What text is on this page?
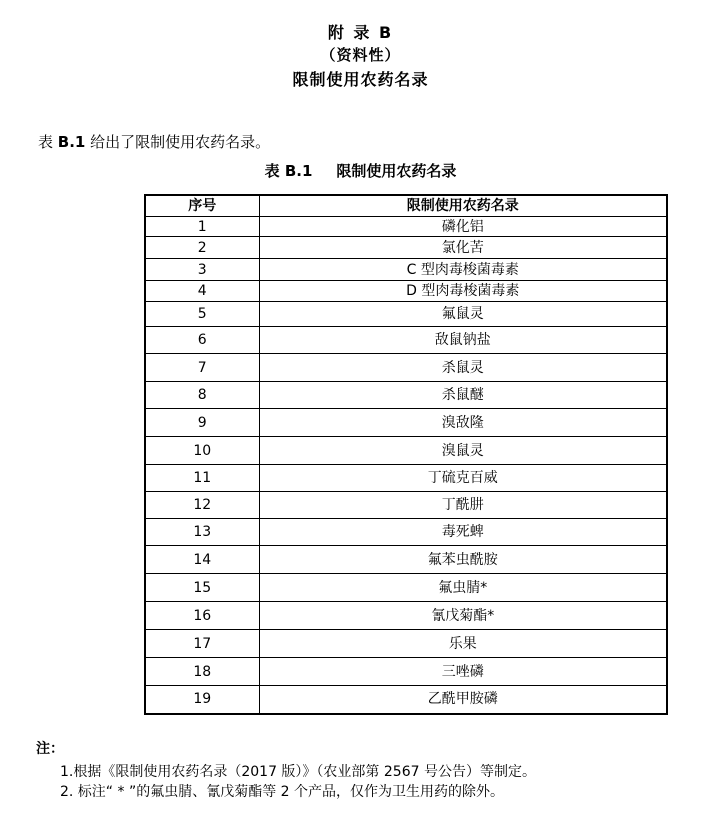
附 录 B
（资料性）
限制使用农药名录
表 B.1 给出了限制使用农药名录。
表 B.1 限制使用农药名录
序号	限制使用农药名录
1	磷化铝
2	氯化苦
3	C 型肉毒梭菌毒素
4	D 型肉毒梭菌毒素
5	氟鼠灵
6	敌鼠钠盐
7	杀鼠灵
8	杀鼠醚
9	溴敌隆
10	溴鼠灵
11	丁硫克百威
12	丁酰肼
13	毒死蜱
14	氟苯虫酰胺
15	氟虫腈*
16	氰戊菊酯*
17	乐果
18	三唑磷
19	乙酰甲胺磷
注：
1.根据《限制使用农药名录（2017 版）》（农业部第 2567 号公告）等制定。
2. 标注“ * ”的氟虫腈、氰戊菊酯等 2 个产品，仅作为卫生用药的除外。
